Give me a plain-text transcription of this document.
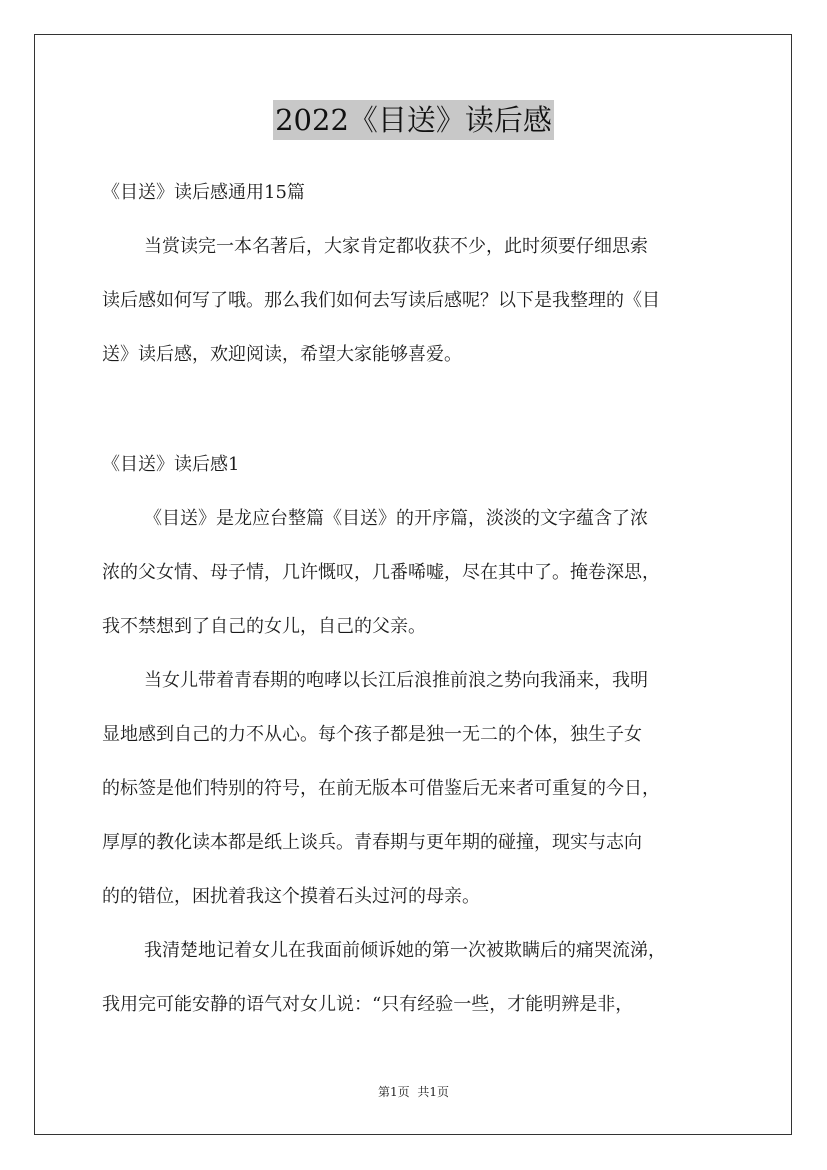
2022《目送》读后感
《目送》读后感通用15篇
当赏读完一本名著后，大家肯定都收获不少，此时须要仔细思索
读后感如何写了哦。那么我们如何去写读后感呢？以下是我整理的《目
送》读后感，欢迎阅读，希望大家能够喜爱。
《目送》读后感1
《目送》是龙应台整篇《目送》的开序篇，淡淡的文字蕴含了浓
浓的父女情、母子情，几许慨叹，几番唏嘘，尽在其中了。掩卷深思，
我不禁想到了自己的女儿，自己的父亲。
当女儿带着青春期的咆哮以长江后浪推前浪之势向我涌来，我明
显地感到自己的力不从心。每个孩子都是独一无二的个体，独生子女
的标签是他们特别的符号，在前无版本可借鉴后无来者可重复的今日，
厚厚的教化读本都是纸上谈兵。青春期与更年期的碰撞，现实与志向
的的错位，困扰着我这个摸着石头过河的母亲。
我清楚地记着女儿在我面前倾诉她的第一次被欺瞒后的痛哭流涕，
我用完可能安静的语气对女儿说：“只有经验一些，才能明辨是非，
第1页 共1页
